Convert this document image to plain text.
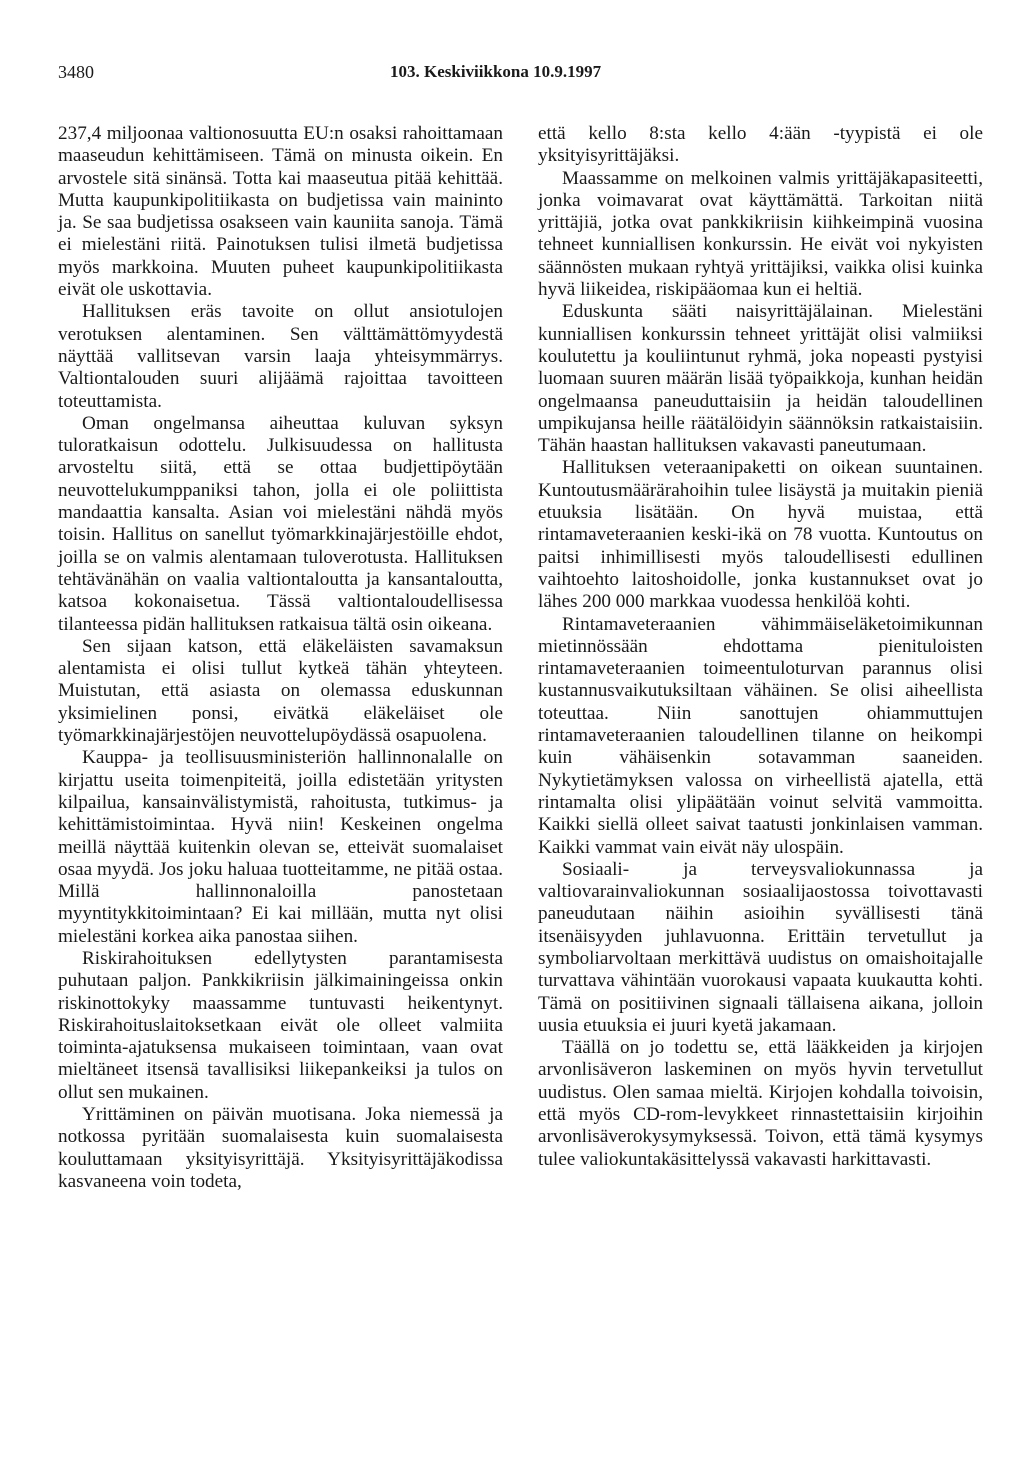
3480	103. Keskiviikkona 10.9.1997

237,4 miljoonaa valtionosuutta EU:n osaksi rahoittamaan maaseudun kehittämiseen. Tämä on minusta oikein. En arvostele sitä sinänsä. Totta kai maaseutua pitää kehittää. Mutta kaupunkipolitiikasta on budjetissa vain maininto ja. Se saa budjetissa osakseen vain kauniita sanoja. Tämä ei mielestäni riitä. Painotuksen tulisi ilmetä budjetissa myös markkoina. Muuten puheet kaupunkipolitiikasta eivät ole uskottavia.

Hallituksen eräs tavoite on ollut ansiotulojen verotuksen alentaminen. Sen välttämättömyydestä näyttää vallitsevan varsin laaja yhteisymmärrys. Valtiontalouden suuri alijäämä rajoittaa tavoitteen toteuttamista.

Oman ongelmansa aiheuttaa kuluvan syksyn tuloratkaisun odottelu. Julkisuudessa on hallitusta arvosteltu siitä, että se ottaa budjettipöytään neuvottelukumppaniksi tahon, jolla ei ole poliittista mandaattia kansalta. Asian voi mielestäni nähdä myös toisin. Hallitus on sanellut työmarkkinajärjestöille ehdot, joilla se on valmis alentamaan tuloverotusta. Hallituksen tehtävänähän on vaalia valtiontaloutta ja kansantaloutta, katsoa kokonaisetua. Tässä valtiontaloudellisessa tilanteessa pidän hallituksen ratkaisua tältä osin oikeana.

Sen sijaan katson, että eläkeläisten savamaksun alentamista ei olisi tullut kytkeä tähän yhteyteen. Muistutan, että asiasta on olemassa eduskunnan yksimielinen ponsi, eivätkä eläkeläiset ole työmarkkinajärjestöjen neuvottelupöydässä osapuolena.

Kauppa- ja teollisuusministeriön hallinnonalalle on kirjattu useita toimenpiteitä, joilla edistetään yritysten kilpailua, kansainvälistymistä, rahoitusta, tutkimus- ja kehittämistoimintaa. Hyvä niin! Keskeinen ongelma meillä näyttää kuitenkin olevan se, etteivät suomalaiset osaa myydä. Jos joku haluaa tuotteitamme, ne pitää ostaa. Millä hallinnonaloilla panostetaan myyntitykkitoimintaan? Ei kai millään, mutta nyt olisi mielestäni korkea aika panostaa siihen.

Riskirahoituksen edellytysten parantamisesta puhutaan paljon. Pankkikriisin jälkimainingeissa onkin riskinottokyky maassamme tuntuvasti heikentynyt. Riskirahoituslaitoksetkaan eivät ole olleet valmiita toiminta-ajatuksensa mukaiseen toimintaan, vaan ovat mieltäneet itsensä tavallisiksi liikepankeiksi ja tulos on ollut sen mukainen.

Yrittäminen on päivän muotisana. Joka niemessä ja notkossa pyritään suomalaisesta kuin suomalaisesta kouluttamaan yksityisyrittäjä. Yksityisyrittäjäkodissa kasvaneena voin todeta,

että kello 8:sta kello 4:ään -tyypistä ei ole yksityisyrittäjäksi.

Maassamme on melkoinen valmis yrittäjäkapasiteetti, jonka voimavarat ovat käyttämättä. Tarkoitan niitä yrittäjiä, jotka ovat pankkikriisin kiihkeimpinä vuosina tehneet kunniallisen konkurssin. He eivät voi nykyisten säännösten mukaan ryhtyä yrittäjiksi, vaikka olisi kuinka hyvä liikeidea, riskipääomaa kun ei heltiä.

Eduskunta sääti naisyrittäjälainan. Mielestäni kunniallisen konkurssin tehneet yrittäjät olisi valmiiksi koulutettu ja kouliintunut ryhmä, joka nopeasti pystyisi luomaan suuren määrän lisää työpaikkoja, kunhan heidän ongelmaansa paneuduttaisiin ja heidän taloudellinen umpikujansa heille räätälöidyin säännöksin ratkaistaisiin. Tähän haastan hallituksen vakavasti paneutumaan.

Hallituksen veteraanipaketti on oikean suuntainen. Kuntoutusmäärärahoihin tulee lisäystä ja muitakin pieniä etuuksia lisätään. On hyvä muistaa, että rintamaveteraanien keski-ikä on 78 vuotta. Kuntoutus on paitsi inhimillisesti myös taloudellisesti edullinen vaihtoehto laitoshoidolle, jonka kustannukset ovat jo lähes 200 000 markkaa vuodessa henkilöä kohti.

Rintamaveteraanien vähimmäiseläketoimikunnan mietinnössään ehdottama pienituloisten rintamaveteraanien toimeentuloturvan parannus olisi kustannusvaikutuksiltaan vähäinen. Se olisi aiheellista toteuttaa. Niin sanottujen ohiammuttujen rintamaveteraanien taloudellinen tilanne on heikompi kuin vähäisenkin sotavamman saaneiden. Nykytietämyksen valossa on virheellistä ajatella, että rintamalta olisi ylipäätään voinut selvitä vammoitta. Kaikki siellä olleet saivat taatusti jonkinlaisen vamman. Kaikki vammat vain eivät näy ulospäin.

Sosiaali- ja terveysvaliokunnassa ja valtiovarainvaliokunnan sosiaalijaostossa toivottavasti paneudutaan näihin asioihin syvällisesti tänä itsenäisyyden juhlavuonna. Erittäin tervetullut ja symboliarvoltaan merkittävä uudistus on omaishoitajalle turvattava vähintään vuorokausi vapaata kuukautta kohti. Tämä on positiivinen signaali tällaisena aikana, jolloin uusia etuuksia ei juuri kyetä jakamaan.

Täällä on jo todettu se, että lääkkeiden ja kirjojen arvonlisäveron laskeminen on myös hyvin tervetullut uudistus. Olen samaa mieltä. Kirjojen kohdalla toivoisin, että myös CD-rom-levykkeet rinnastettaisiin kirjoihin arvonlisäverokysymyksessä. Toivon, että tämä kysymys tulee valiokuntakäsittelyssä vakavasti harkittavasti.
